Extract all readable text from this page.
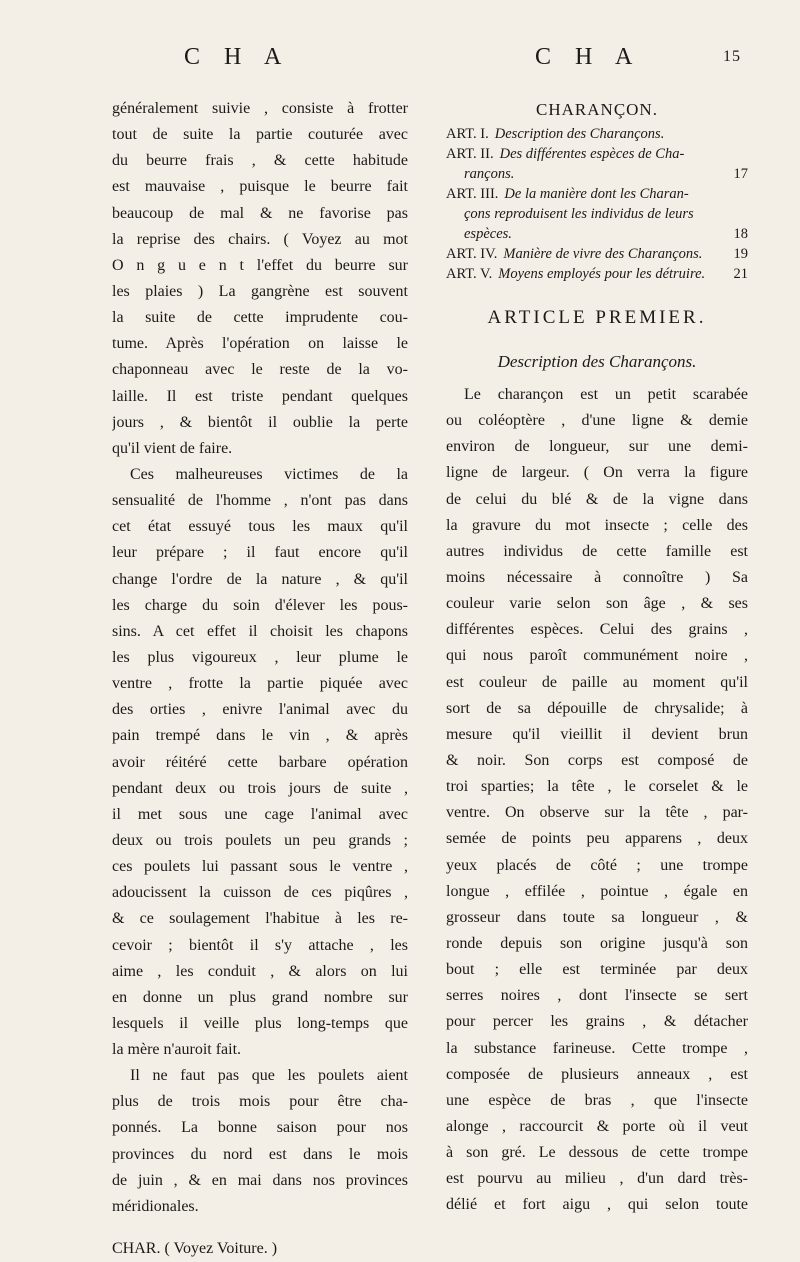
C H A	C H A	15
généralement suivie , consiste à frotter
tout de suite la partie couturée avec
du beurre frais , & cette habitude
est mauvaise , puisque le beurre fait
beaucoup de mal & ne favorise pas
la reprise des chairs. ( Voyez au mot
O n g u e n t l'effet du beurre sur
les plaies ) La gangrène est souvent
la suite de cette imprudente cou-
tume. Après l'opération on laisse le
chaponneau avec le reste de la vo-
laille. Il est triste pendant quelques
jours , & bientôt il oublie la perte
qu'il vient de faire.
Ces malheureuses victimes de la
sensualité de l'homme , n'ont pas dans
cet état essuyé tous les maux qu'il
leur prépare ; il faut encore qu'il
change l'ordre de la nature , & qu'il
les charge du soin d'élever les pous-
sins. A cet effet il choisit les chapons
les plus vigoureux , leur plume le
ventre , frotte la partie piquée avec
des orties , enivre l'animal avec du
pain trempé dans le vin , & après
avoir réitéré cette barbare opération
pendant deux ou trois jours de suite ,
il met sous une cage l'animal avec
deux ou trois poulets un peu grands ;
ces poulets lui passant sous le ventre ,
adoucissent la cuisson de ces piqûres ,
& ce soulagement l'habitue à les re-
cevoir ; bientôt il s'y attache , les
aime , les conduit , & alors on lui
en donne un plus grand nombre sur
lesquels il veille plus long-temps que
la mère n'auroit fait.
Il ne faut pas que les poulets aient
plus de trois mois pour être cha-
ponnés. La bonne saison pour nos
provinces du nord est dans le mois
de juin , & en mai dans nos provinces
méridionales.
CHAR. ( Voyez Voiture. )
CHARANÇON.
ART. I. Description des Charançons.
ART. II. Des différentes espèces de Cha-
rançons.	17
ART. III. De la manière dont les Charan-
çons reproduisent les individus de leurs
espèces.	18
ART. IV. Manière de vivre des Charançons. 19
ART. V. Moyens employés pour les détruire. 21
ARTICLE PREMIER.
Description des Charançons.
Le charançon est un petit scarabée
ou coléoptère , d'une ligne & demie
environ de longueur, sur une demi-
ligne de largeur. ( On verra la figure
de celui du blé & de la vigne dans
la gravure du mot insecte ; celle des
autres individus de cette famille est
moins nécessaire à connoître ) Sa
couleur varie selon son âge , & ses
différentes espèces. Celui des grains ,
qui nous paroît communément noire ,
est couleur de paille au moment qu'il
sort de sa dépouille de chrysalide; à
mesure qu'il vieillit il devient brun
& noir. Son corps est composé de
troi sparties; la tête , le corselet & le
ventre. On observe sur la tête , par-
semée de points peu apparens , deux
yeux placés de côté ; une trompe
longue , effilée , pointue , égale en
grosseur dans toute sa longueur , &
ronde depuis son origine jusqu'à son
bout ; elle est terminée par deux
serres noires , dont l'insecte se sert
pour percer les grains , & détacher
la substance farineuse. Cette trompe ,
composée de plusieurs anneaux , est
une espèce de bras , que l'insecte
alonge , raccourcit & porte où il veut
à son gré. Le dessous de cette trompe
est pourvu au milieu , d'un dard très-
délié et fort aigu , qui selon toute
